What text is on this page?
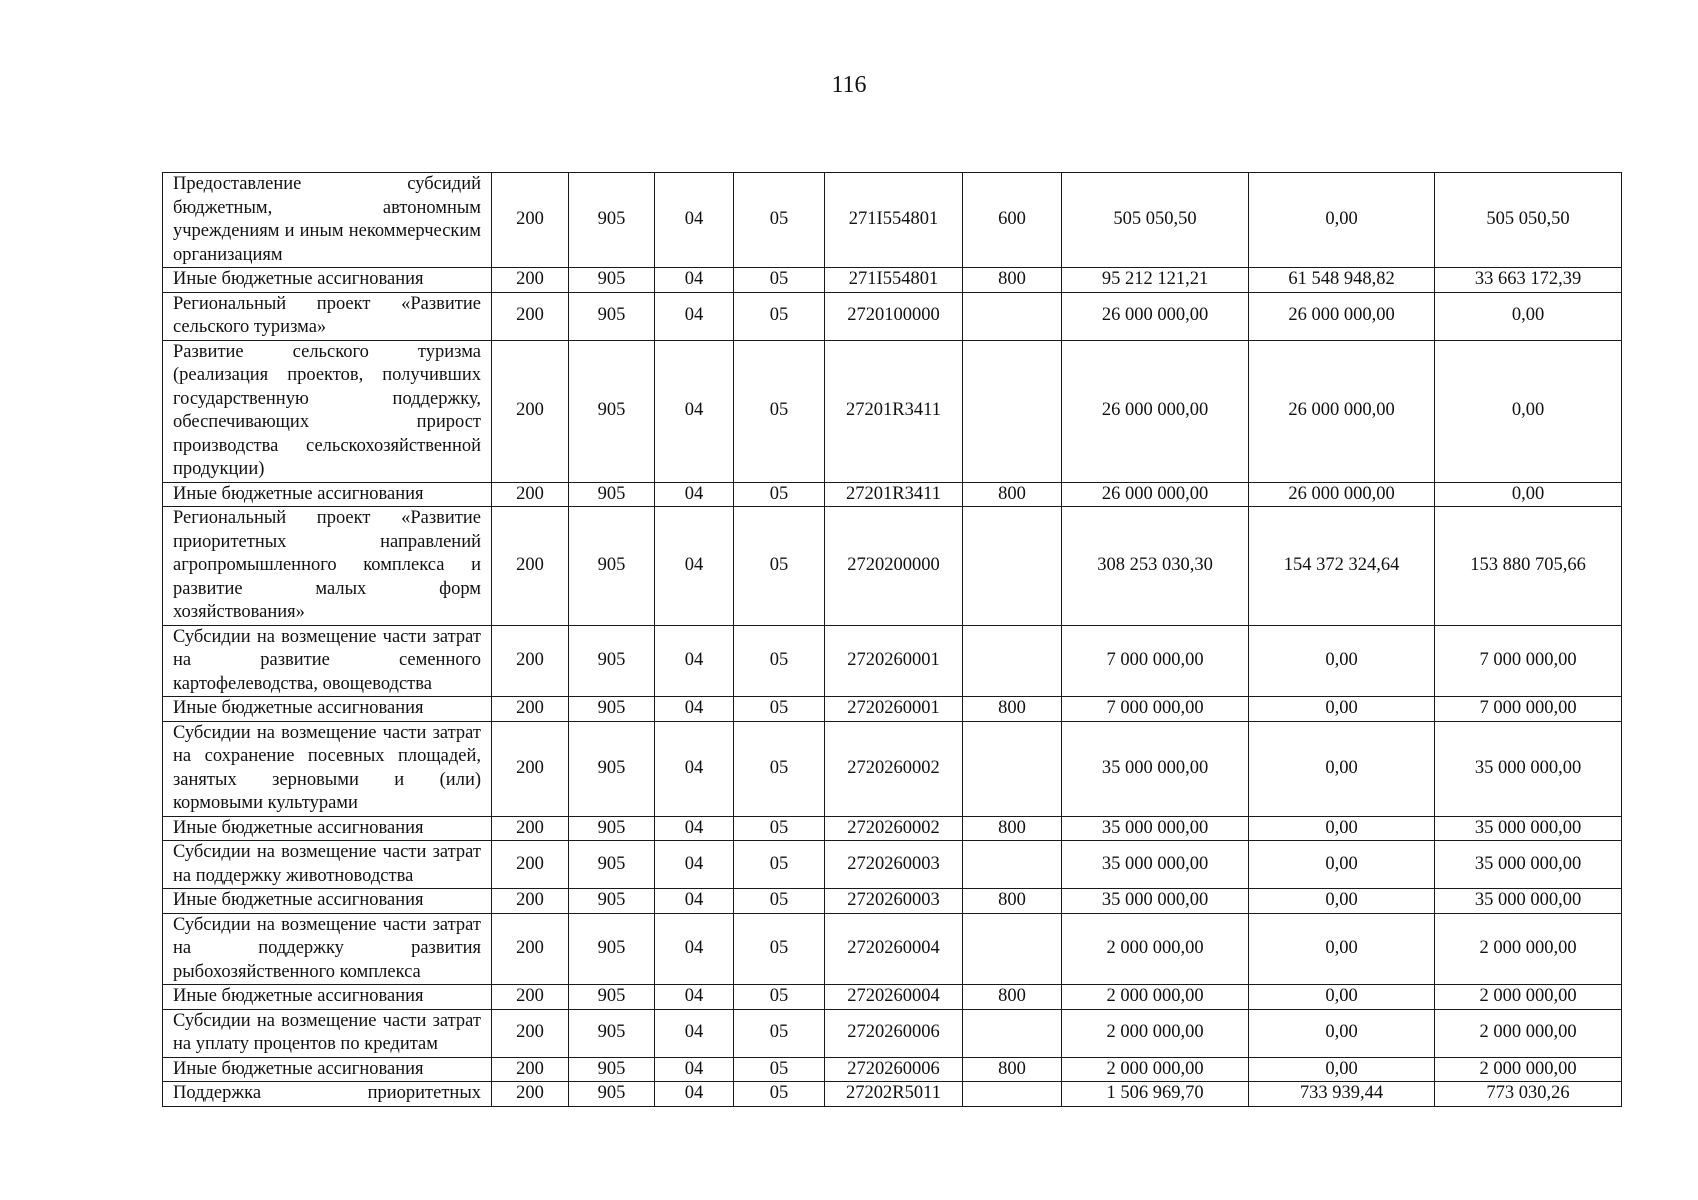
116
Предоставление субсидий бюджетным, автономным учреждениям и иным некоммерческим организациям	200	905	04	05	271I554801	600	505 050,50	0,00	505 050,50
Иные бюджетные ассигнования	200	905	04	05	271I554801	800	95 212 121,21	61 548 948,82	33 663 172,39
Региональный проект «Развитие сельского туризма»	200	905	04	05	2720100000		26 000 000,00	26 000 000,00	0,00
Развитие сельского туризма (реализация проектов, получивших государственную поддержку, обеспечивающих прирост производства сельскохозяйственной продукции)	200	905	04	05	27201R3411		26 000 000,00	26 000 000,00	0,00
Иные бюджетные ассигнования	200	905	04	05	27201R3411	800	26 000 000,00	26 000 000,00	0,00
Региональный проект «Развитие приоритетных направлений агропромышленного комплекса и развитие малых форм хозяйствования»	200	905	04	05	2720200000		308 253 030,30	154 372 324,64	153 880 705,66
Субсидии на возмещение части затрат на развитие семенного картофелеводства, овощеводства	200	905	04	05	2720260001		7 000 000,00	0,00	7 000 000,00
Иные бюджетные ассигнования	200	905	04	05	2720260001	800	7 000 000,00	0,00	7 000 000,00
Субсидии на возмещение части затрат на сохранение посевных площадей, занятых зерновыми и (или) кормовыми культурами	200	905	04	05	2720260002		35 000 000,00	0,00	35 000 000,00
Иные бюджетные ассигнования	200	905	04	05	2720260002	800	35 000 000,00	0,00	35 000 000,00
Субсидии на возмещение части затрат на поддержку животноводства	200	905	04	05	2720260003		35 000 000,00	0,00	35 000 000,00
Иные бюджетные ассигнования	200	905	04	05	2720260003	800	35 000 000,00	0,00	35 000 000,00
Субсидии на возмещение части затрат на поддержку развития рыбохозяйственного комплекса	200	905	04	05	2720260004		2 000 000,00	0,00	2 000 000,00
Иные бюджетные ассигнования	200	905	04	05	2720260004	800	2 000 000,00	0,00	2 000 000,00
Субсидии на возмещение части затрат на уплату процентов по кредитам	200	905	04	05	2720260006		2 000 000,00	0,00	2 000 000,00
Иные бюджетные ассигнования	200	905	04	05	2720260006	800	2 000 000,00	0,00	2 000 000,00
Поддержка приоритетных	200	905	04	05	27202R5011		1 506 969,70	733 939,44	773 030,26
